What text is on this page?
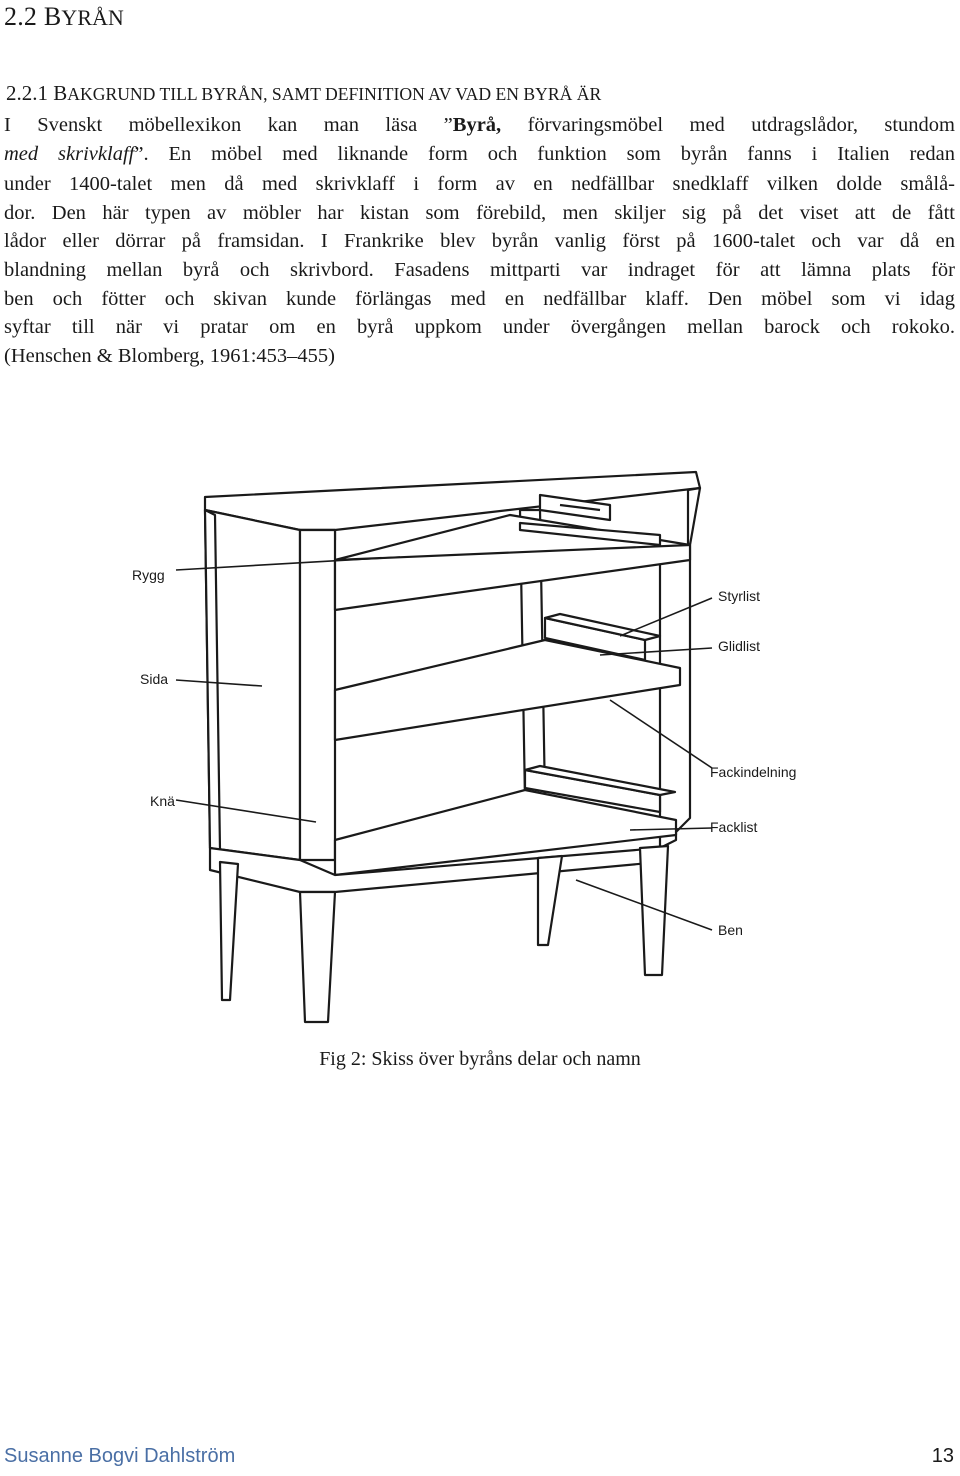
2.2 BYRÅN
2.2.1 BAKGRUND TILL BYRÅN, SAMT DEFINITION AV VAD EN BYRÅ ÄR
I Svenskt möbellexikon kan man läsa ”Byrå, förvaringsmöbel med utdragslådor, stundom
med skrivklaff”. En möbel med liknande form och funktion som byrån fanns i Italien redan
under 1400-talet men då med skrivklaff i form av en nedfällbar snedklaff vilken dolde smålå-
dor. Den här typen av möbler har kistan som förebild, men skiljer sig på det viset att de fått
lådor eller dörrar på framsidan. I Frankrike blev byrån vanlig först på 1600-talet och var då en
blandning mellan byrå och skrivbord. Fasadens mittparti var indraget för att lämna plats för
ben och fötter och skivan kunde förlängas med en nedfällbar klaff. Den möbel som vi idag
syftar till när vi pratar om en byrå uppkom under övergången mellan barock och rokoko.
(Henschen & Blomberg, 1961:453–455)
Rygg
Sida
Knä
Styrlist
Glidlist
Fackindelning
Facklist
Ben
Fig 2: Skiss över byråns delar och namn
Susanne Bogvi Dahlström	13
